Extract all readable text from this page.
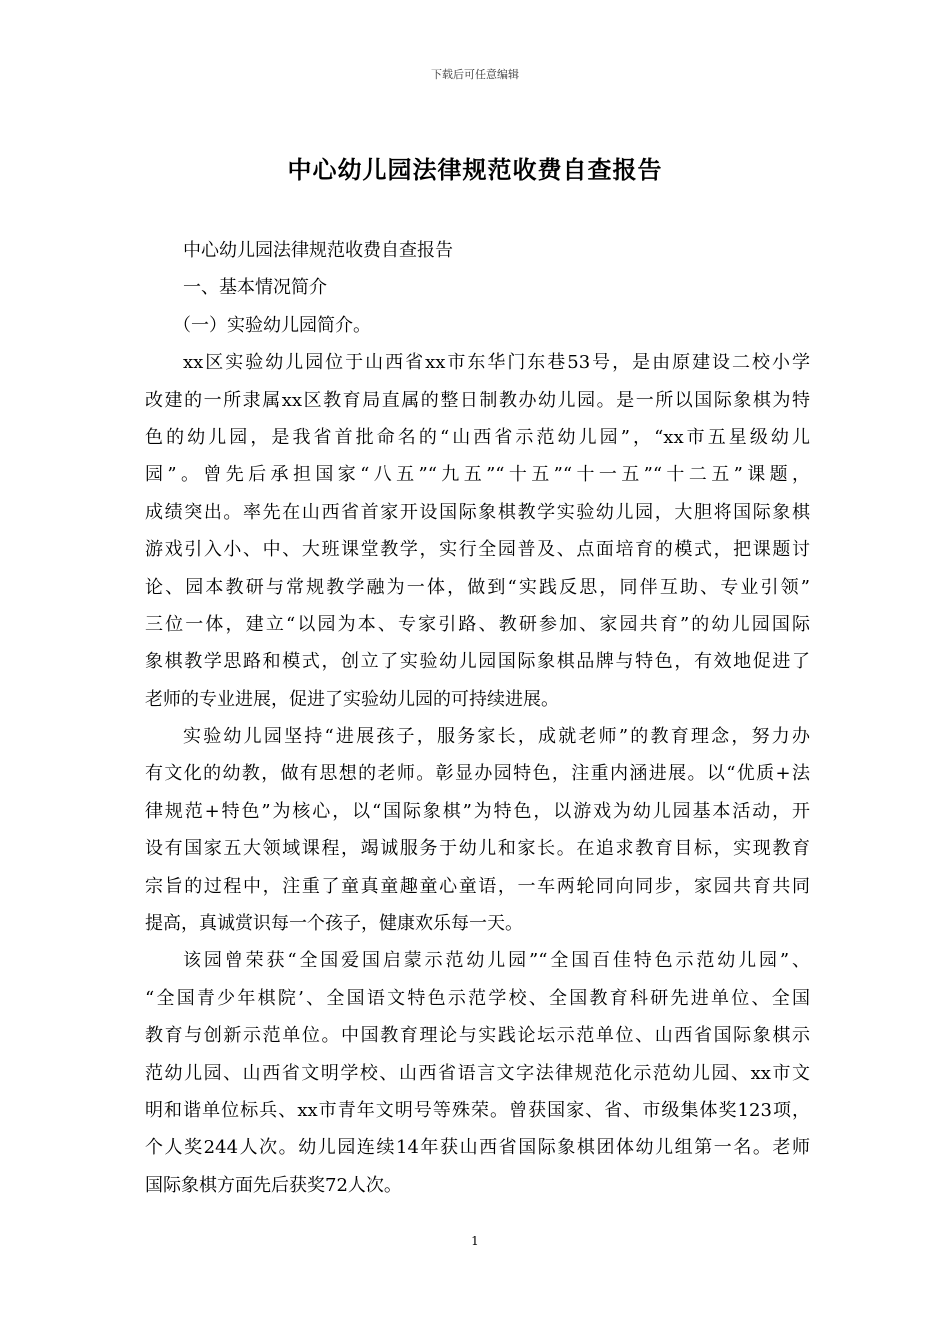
下载后可任意编辑
中心幼儿园法律规范收费自查报告
中心幼儿园法律规范收费自查报告
一、基本情况简介
（一）实验幼儿园简介。
xx区实验幼儿园位于山西省xx市东华门东巷53号，是由原建设二校小学
改建的一所隶属xx区教育局直属的整日制教办幼儿园。是一所以国际象棋为特
色的幼儿园，是我省首批命名的“山西省示范幼儿园”，“xx市五星级幼儿
园”。曾先后承担国家“八五”“九五”“十五”“十一五”“十二五”课题，
成绩突出。率先在山西省首家开设国际象棋教学实验幼儿园，大胆将国际象棋
游戏引入小、中、大班课堂教学，实行全园普及、点面培育的模式，把课题讨
论、园本教研与常规教学融为一体，做到“实践反思，同伴互助、专业引领”
三位一体，建立“以园为本、专家引路、教研参加、家园共育”的幼儿园国际
象棋教学思路和模式，创立了实验幼儿园国际象棋品牌与特色，有效地促进了
老师的专业进展，促进了实验幼儿园的可持续进展。
实验幼儿园坚持“进展孩子，服务家长，成就老师”的教育理念，努力办
有文化的幼教，做有思想的老师。彰显办园特色，注重内涵进展。以“优质+法
律规范+特色”为核心，以“国际象棋”为特色，以游戏为幼儿园基本活动，开
设有国家五大领域课程，竭诚服务于幼儿和家长。在追求教育目标，实现教育
宗旨的过程中，注重了童真童趣童心童语，一车两轮同向同步，家园共育共同
提高，真诚赏识每一个孩子，健康欢乐每一天。
该园曾荣获“全国爱国启蒙示范幼儿园”“全国百佳特色示范幼儿园”、
“全国青少年棋院’、全国语文特色示范学校、全国教育科研先进单位、全国
教育与创新示范单位。中国教育理论与实践论坛示范单位、山西省国际象棋示
范幼儿园、山西省文明学校、山西省语言文字法律规范化示范幼儿园、xx市文
明和谐单位标兵、xx市青年文明号等殊荣。曾获国家、省、市级集体奖123项，
个人奖244人次。幼儿园连续14年获山西省国际象棋团体幼儿组第一名。老师
国际象棋方面先后获奖72人次。
1
